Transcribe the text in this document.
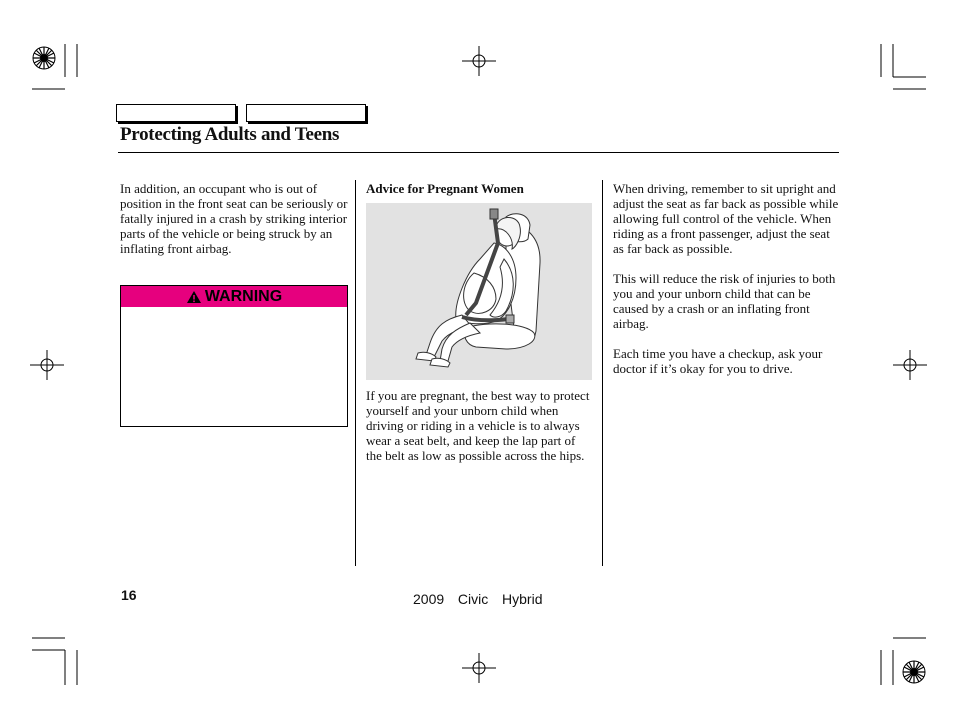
Protecting Adults and Teens

In addition, an occupant who is out of position in the front seat can be seriously or fatally injured in a crash by striking interior parts of the vehicle or being struck by an inflating front airbag.

WARNING
Advice for Pregnant Women

If you are pregnant, the best way to protect yourself and your unborn child when driving or riding in a vehicle is to always wear a seat belt, and keep the lap part of the belt as low as possible across the hips.

When driving, remember to sit upright and adjust the seat as far back as possible while allowing full control of the vehicle. When riding as a front passenger, adjust the seat as far back as possible.

This will reduce the risk of injuries to both you and your unborn child that can be caused by a crash or an inflating front airbag.

Each time you have a checkup, ask your doctor if it’s okay for you to drive.

16	2009  Civic  Hybrid
